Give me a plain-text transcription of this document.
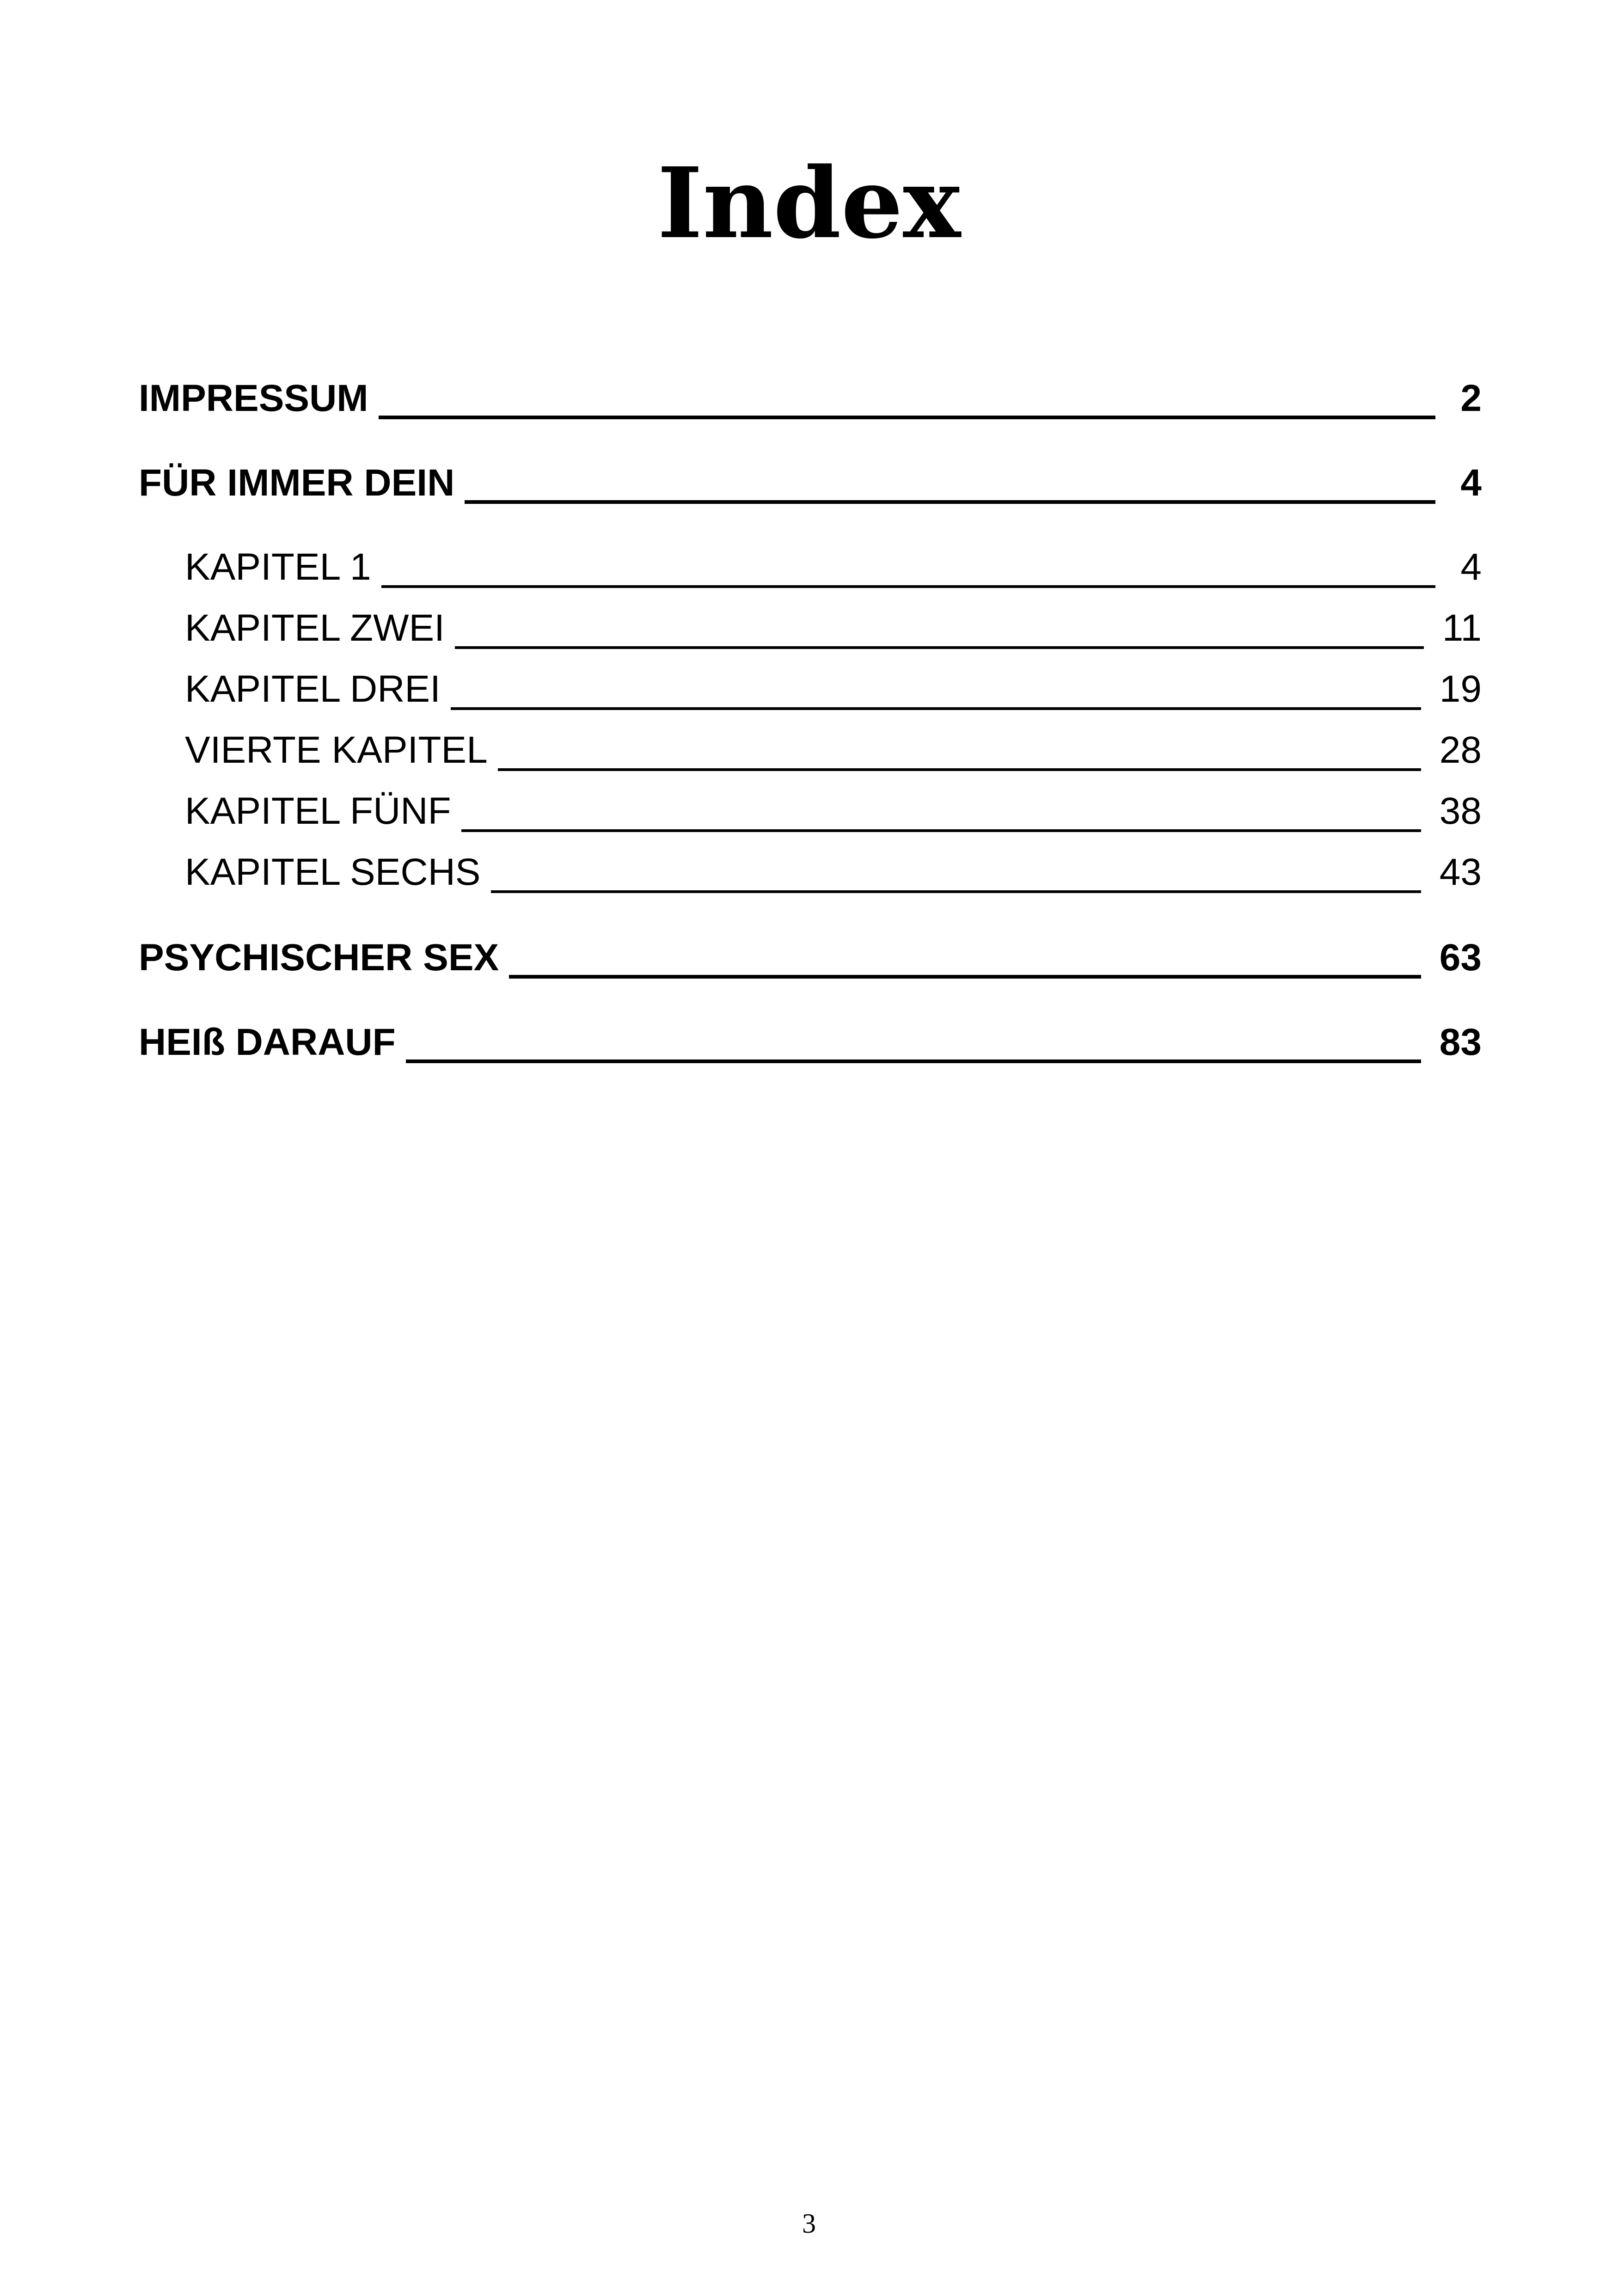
Index
IMPRESSUM	2
FÜR IMMER DEIN	4
KAPITEL 1	4
KAPITEL ZWEI	11
KAPITEL DREI	19
VIERTE KAPITEL	28
KAPITEL FÜNF	38
KAPITEL SECHS	43
PSYCHISCHER SEX	63
HEIß DARAUF	83
3
